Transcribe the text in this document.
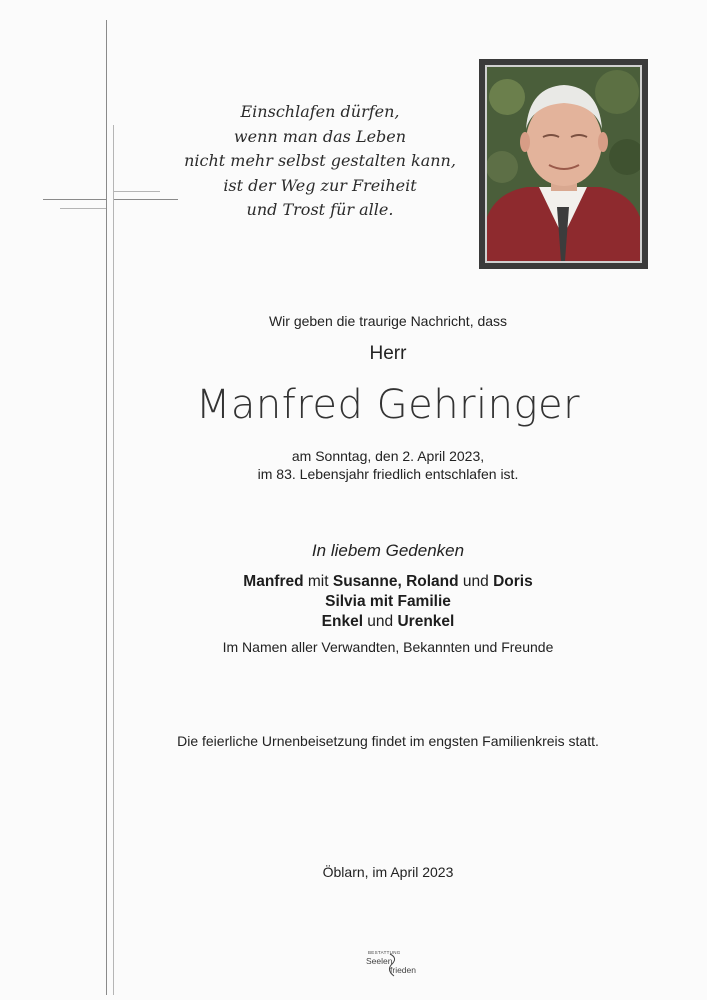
Einschlafen dürfen,
wenn man das Leben
nicht mehr selbst gestalten kann,
ist der Weg zur Freiheit
und Trost für alle.
Wir geben die traurige Nachricht, dass
Herr
Manfred Gehringer
am Sonntag, den 2. April 2023,
im 83. Lebensjahr friedlich entschlafen ist.
In liebem Gedenken
Manfred mit Susanne, Roland und Doris
Silvia mit Familie
Enkel und Urenkel
Im Namen aller Verwandten, Bekannten und Freunde
Die feierliche Urnenbeisetzung findet im engsten Familienkreis statt.
Öblarn, im April 2023
BESTATTUNG
Seelen
frieden
